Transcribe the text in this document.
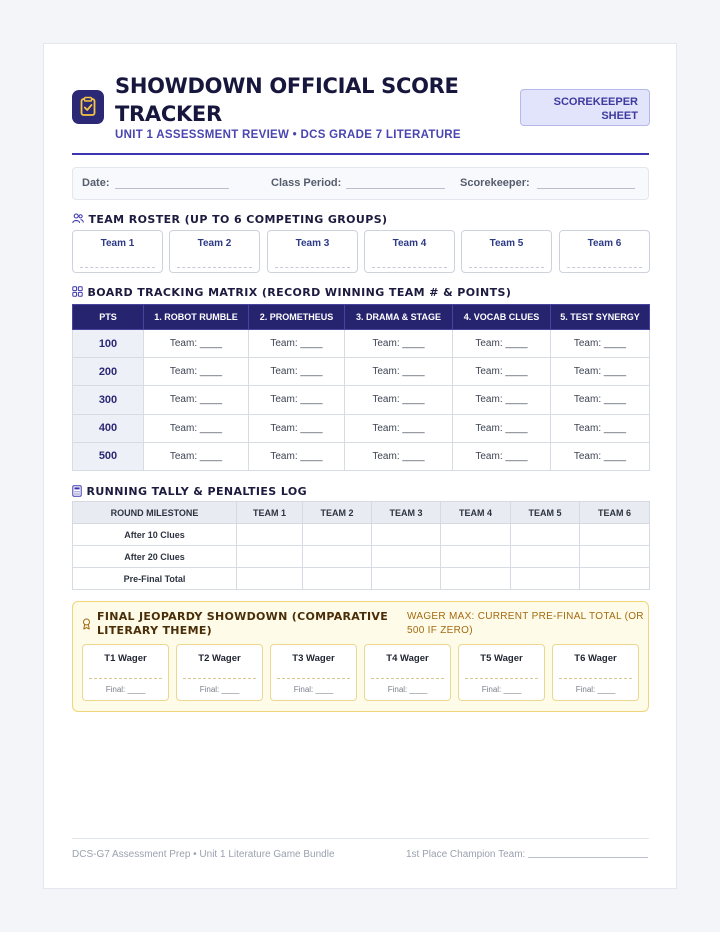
SHOWDOWN OFFICIAL SCORE TRACKER
UNIT 1 ASSESSMENT REVIEW • DCS GRADE 7 LITERATURE
SCOREKEEPER SHEET
Date:	Class Period:	Scorekeeper:
TEAM ROSTER (UP TO 6 COMPETING GROUPS)
Team 1	Team 2	Team 3	Team 4	Team 5	Team 6
BOARD TRACKING MATRIX (RECORD WINNING TEAM # & POINTS)
PTS	1. ROBOT RUMBLE	2. PROMETHEUS	3. DRAMA & STAGE	4. VOCAB CLUES	5. TEST SYNERGY
100	Team: ____	Team: ____	Team: ____	Team: ____	Team: ____
200	Team: ____	Team: ____	Team: ____	Team: ____	Team: ____
300	Team: ____	Team: ____	Team: ____	Team: ____	Team: ____
400	Team: ____	Team: ____	Team: ____	Team: ____	Team: ____
500	Team: ____	Team: ____	Team: ____	Team: ____	Team: ____
RUNNING TALLY & PENALTIES LOG
ROUND MILESTONE	TEAM 1	TEAM 2	TEAM 3	TEAM 4	TEAM 5	TEAM 6
After 10 Clues						
After 20 Clues						
Pre-Final Total						
FINAL JEOPARDY SHOWDOWN (COMPARATIVE LITERARY THEME)
WAGER MAX: CURRENT PRE-FINAL TOTAL (OR 500 IF ZERO)
T1 Wager
Final: ____
T2 Wager
Final: ____
T3 Wager
Final: ____
T4 Wager
Final: ____
T5 Wager
Final: ____
T6 Wager
Final: ____
DCS-G7 Assessment Prep • Unit 1 Literature Game Bundle	1st Place Champion Team:
